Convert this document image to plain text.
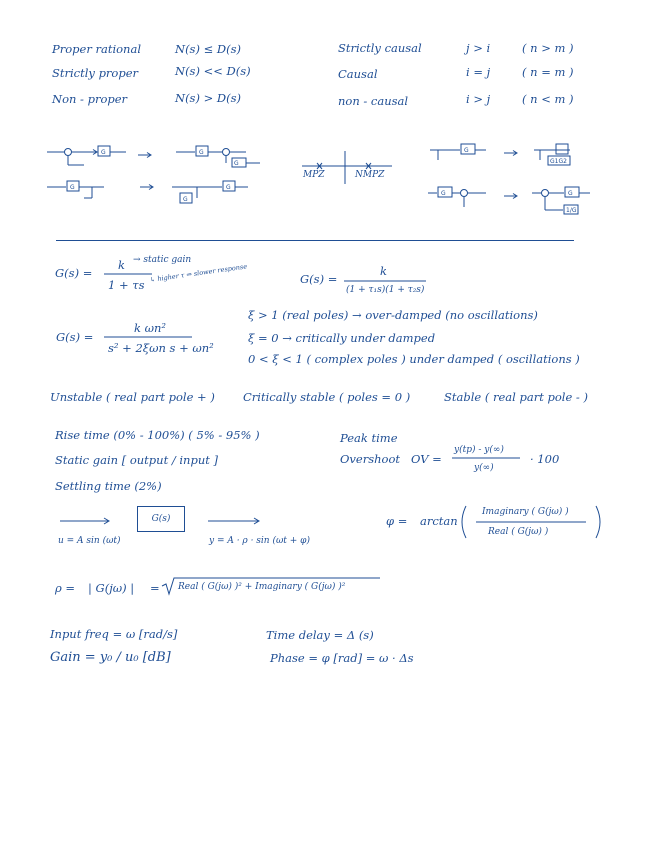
Proper rational	N(s) ≤ D(s)
Strictly proper	N(s) << D(s)
Non - proper	N(s) > D(s)
Strictly causal	j > i	( n > m )
Causal	i = j	( n = m )
non - causal	i > j	( n < m )
G	G
G
G	G
G
G
G1G2
G	G
1/G
MPZ	NMPZ
G(s) =
k → static gain
1 + τs
↳ higher τ ⇒ slower response	G(s) =
k
(1 + τ₁s)(1 + τ₂s)
G(s) =
k ωn²
s² + 2ξωn s + ωn²
ξ > 1 (real poles) → over-damped (no oscillations)
ξ = 0 → critically under damped
0 < ξ < 1 ( complex poles ) under damped ( oscillations )
Unstable ( real part pole + ) Critically stable ( poles = 0 )	Stable ( real part pole - )
Rise time (0% - 100%) ( 5% - 95% )
Static gain [ output / input ]
Settling time (2%)
Peak time
Overshoot OV =
y(tp) - y(∞)
y(∞)
· 100
u = A sin (ωt)
G(s)
y = A · ρ · sin (ωt + φ)
φ = arctan
Imaginary ( G(jω) )
Real ( G(jω) )
ρ = | G(jω) | = Real ( G(jω) )² + Imaginary ( G(jω) )²
Input freq = ω [rad/s]
Gain = y₀ / u₀ [dB]
Time delay = Δ (s)
Phase = φ [rad] = ω · Δs
